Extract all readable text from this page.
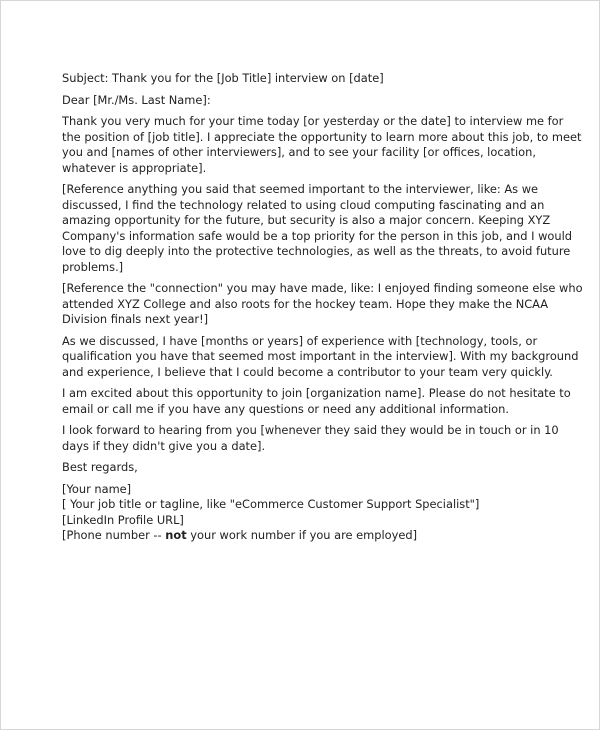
Subject: Thank you for the [Job Title] interview on [date]
Dear [Mr./Ms. Last Name]:
Thank you very much for your time today [or yesterday or the date] to interview me for
the position of [job title]. I appreciate the opportunity to learn more about this job, to meet
you and [names of other interviewers], and to see your facility [or offices, location,
whatever is appropriate].
[Reference anything you said that seemed important to the interviewer, like: As we
discussed, I find the technology related to using cloud computing fascinating and an
amazing opportunity for the future, but security is also a major concern. Keeping XYZ
Company's information safe would be a top priority for the person in this job, and I would
love to dig deeply into the protective technologies, as well as the threats, to avoid future
problems.]
[Reference the "connection" you may have made, like: I enjoyed finding someone else who
attended XYZ College and also roots for the hockey team. Hope they make the NCAA
Division finals next year!]
As we discussed, I have [months or years] of experience with [technology, tools, or
qualification you have that seemed most important in the interview]. With my background
and experience, I believe that I could become a contributor to your team very quickly.
I am excited about this opportunity to join [organization name]. Please do not hesitate to
email or call me if you have any questions or need any additional information.
I look forward to hearing from you [whenever they said they would be in touch or in 10
days if they didn't give you a date].
Best regards,
[Your name]
[ Your job title or tagline, like "eCommerce Customer Support Specialist"]
[LinkedIn Profile URL]
[Phone number -- not your work number if you are employed]
